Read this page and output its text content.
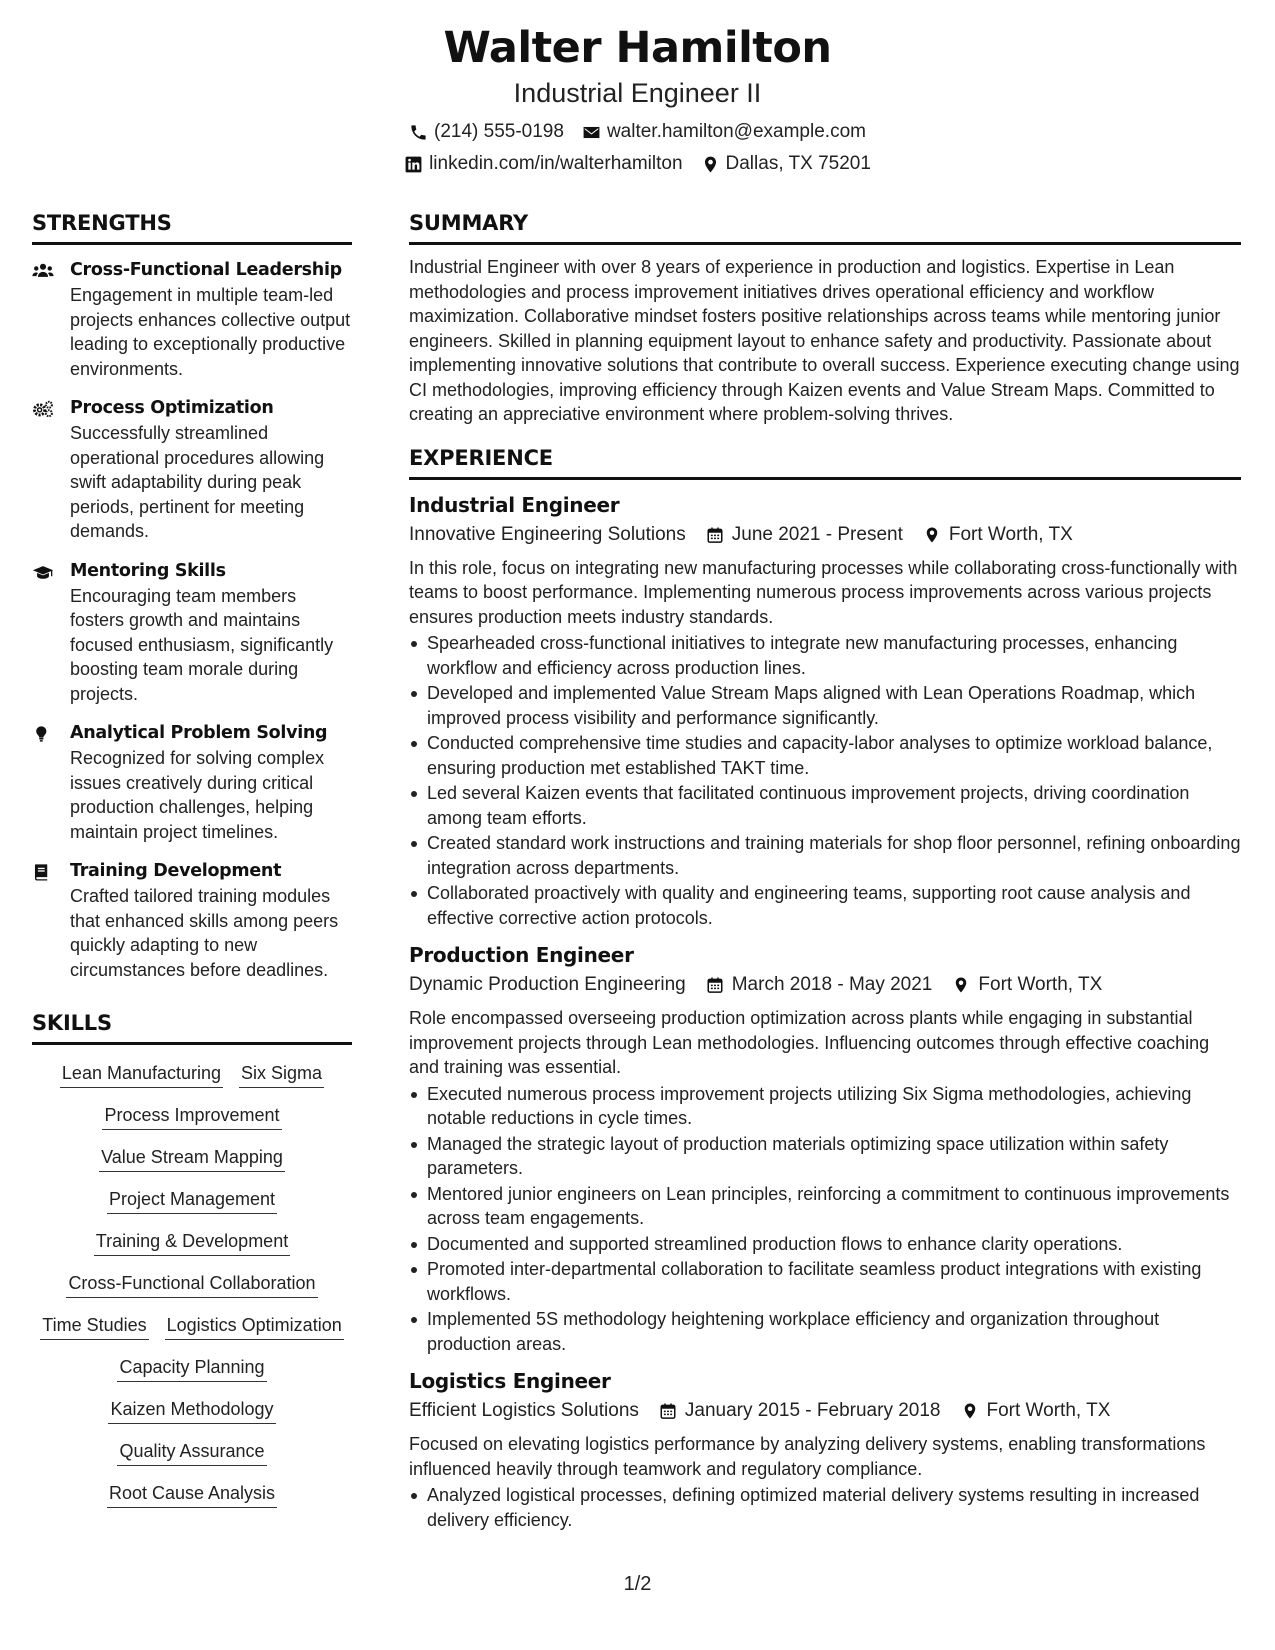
Walter Hamilton
Industrial Engineer II
(214) 555-0198 walter.hamilton@example.com
linkedin.com/in/walterhamilton Dallas, TX 75201
STRENGTHS
Cross-Functional Leadership
Engagement in multiple team-led projects enhances collective output leading to exceptionally productive environments.
Process Optimization
Successfully streamlined operational procedures allowing swift adaptability during peak periods, pertinent for meeting demands.
Mentoring Skills
Encouraging team members fosters growth and maintains focused enthusiasm, significantly boosting team morale during projects.
Analytical Problem Solving
Recognized for solving complex issues creatively during critical production challenges, helping maintain project timelines.
Training Development
Crafted tailored training modules that enhanced skills among peers quickly adapting to new circumstances before deadlines.
SKILLS
Lean Manufacturing Six Sigma
Process Improvement
Value Stream Mapping
Project Management
Training & Development
Cross-Functional Collaboration
Time Studies Logistics Optimization
Capacity Planning
Kaizen Methodology
Quality Assurance
Root Cause Analysis
SUMMARY
Industrial Engineer with over 8 years of experience in production and logistics. Expertise in Lean methodologies and process improvement initiatives drives operational efficiency and workflow maximization. Collaborative mindset fosters positive relationships across teams while mentoring junior engineers. Skilled in planning equipment layout to enhance safety and productivity. Passionate about implementing innovative solutions that contribute to overall success. Experience executing change using CI methodologies, improving efficiency through Kaizen events and Value Stream Maps. Committed to creating an appreciative environment where problem-solving thrives.
EXPERIENCE
Industrial Engineer
Innovative Engineering Solutions June 2021 - Present Fort Worth, TX
In this role, focus on integrating new manufacturing processes while collaborating cross-functionally with teams to boost performance. Implementing numerous process improvements across various projects ensures production meets industry standards.
Spearheaded cross-functional initiatives to integrate new manufacturing processes, enhancing workflow and efficiency across production lines.
Developed and implemented Value Stream Maps aligned with Lean Operations Roadmap, which improved process visibility and performance significantly.
Conducted comprehensive time studies and capacity-labor analyses to optimize workload balance, ensuring production met established TAKT time.
Led several Kaizen events that facilitated continuous improvement projects, driving coordination among team efforts.
Created standard work instructions and training materials for shop floor personnel, refining onboarding integration across departments.
Collaborated proactively with quality and engineering teams, supporting root cause analysis and effective corrective action protocols.
Production Engineer
Dynamic Production Engineering March 2018 - May 2021 Fort Worth, TX
Role encompassed overseeing production optimization across plants while engaging in substantial improvement projects through Lean methodologies. Influencing outcomes through effective coaching and training was essential.
Executed numerous process improvement projects utilizing Six Sigma methodologies, achieving notable reductions in cycle times.
Managed the strategic layout of production materials optimizing space utilization within safety parameters.
Mentored junior engineers on Lean principles, reinforcing a commitment to continuous improvements across team engagements.
Documented and supported streamlined production flows to enhance clarity operations.
Promoted inter-departmental collaboration to facilitate seamless product integrations with existing workflows.
Implemented 5S methodology heightening workplace efficiency and organization throughout production areas.
Logistics Engineer
Efficient Logistics Solutions January 2015 - February 2018 Fort Worth, TX
Focused on elevating logistics performance by analyzing delivery systems, enabling transformations influenced heavily through teamwork and regulatory compliance.
Analyzed logistical processes, defining optimized material delivery systems resulting in increased delivery efficiency.
1/2
